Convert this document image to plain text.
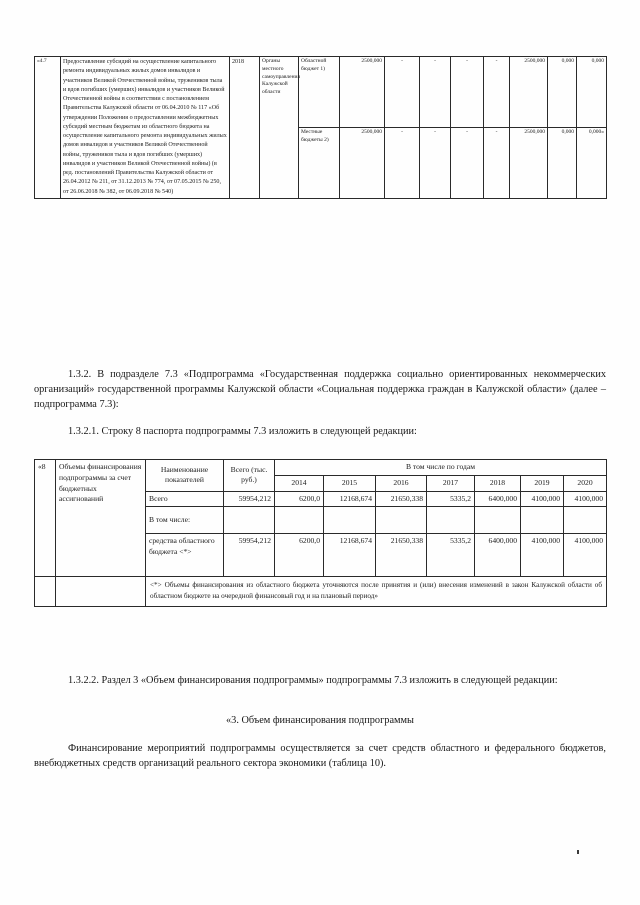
«4.7	Предоставление субсидий на осуществление капитального ремонта индивидуальных жилых домов инвалидов и участников Великой Отечественной войны, тружеников тыла и вдов погибших (умерших) инвалидов и участников Великой Отечественной войны в соответствии с постановлением Правительства Калужской области от 06.04.2010 № 117 «Об утверждении Положения о предоставлении межбюджетных субсидий местным бюджетам из областного бюджета на осуществление капитального ремонта индивидуальных жилых домов инвалидов и участников Великой Отечественной войны, тружеников тыла и вдов погибших (умерших) инвалидов и участников Великой Отечественной войны) (в ред. постановлений Правительства Калужской области от 26.04.2012 № 211, от 31.12.2013 № 774, от 07.05.2015 № 250, от 26.06.2018 № 382, от 06.09.2018 № 540)	2018	Органы местного самоуправления Калужской области	Областной бюджет 1)	2500,000	-	-	-	-	2500,000	0,000	0,000
				Местные бюджеты 2)	2500,000	-	-	-	-	2500,000	0,000	0,000»
1.3.2. В подразделе 7.3 «Подпрограмма «Государственная поддержка социально ориентированных некоммерческих организаций» государственной программы Калужской области «Социальная поддержка граждан в Калужской области» (далее – подпрограмма 7.3):
1.3.2.1. Строку 8 паспорта подпрограммы 7.3 изложить в следующей редакции:
«8	Объемы финансирования подпрограммы за счет бюджетных ассигнований	Наименование показателей	Всего (тыс. руб.)	В том числе по годам						
				2014	2015	2016	2017	2018	2019	2020
		Всего	59954,212	6200,0	12168,674	21650,338	5335,2	6400,000	4100,000	4100,000
		В том числе:								
		средства областного бюджета <*>	59954,212	6200,0	12168,674	21650,338	5335,2	6400,000	4100,000	4100,000
		<*> Объемы финансирования из областного бюджета уточняются после принятия и (или) внесения изменений в закон Калужской области об областном бюджете на очередной финансовый год и на плановый период»								
1.3.2.2. Раздел 3 «Объем финансирования подпрограммы» подпрограммы 7.3 изложить в следующей редакции:
«3. Объем финансирования подпрограммы
Финансирование мероприятий подпрограммы осуществляется за счет средств областного и федерального бюджетов, внебюджетных средств организаций реального сектора экономики (таблица 10).
